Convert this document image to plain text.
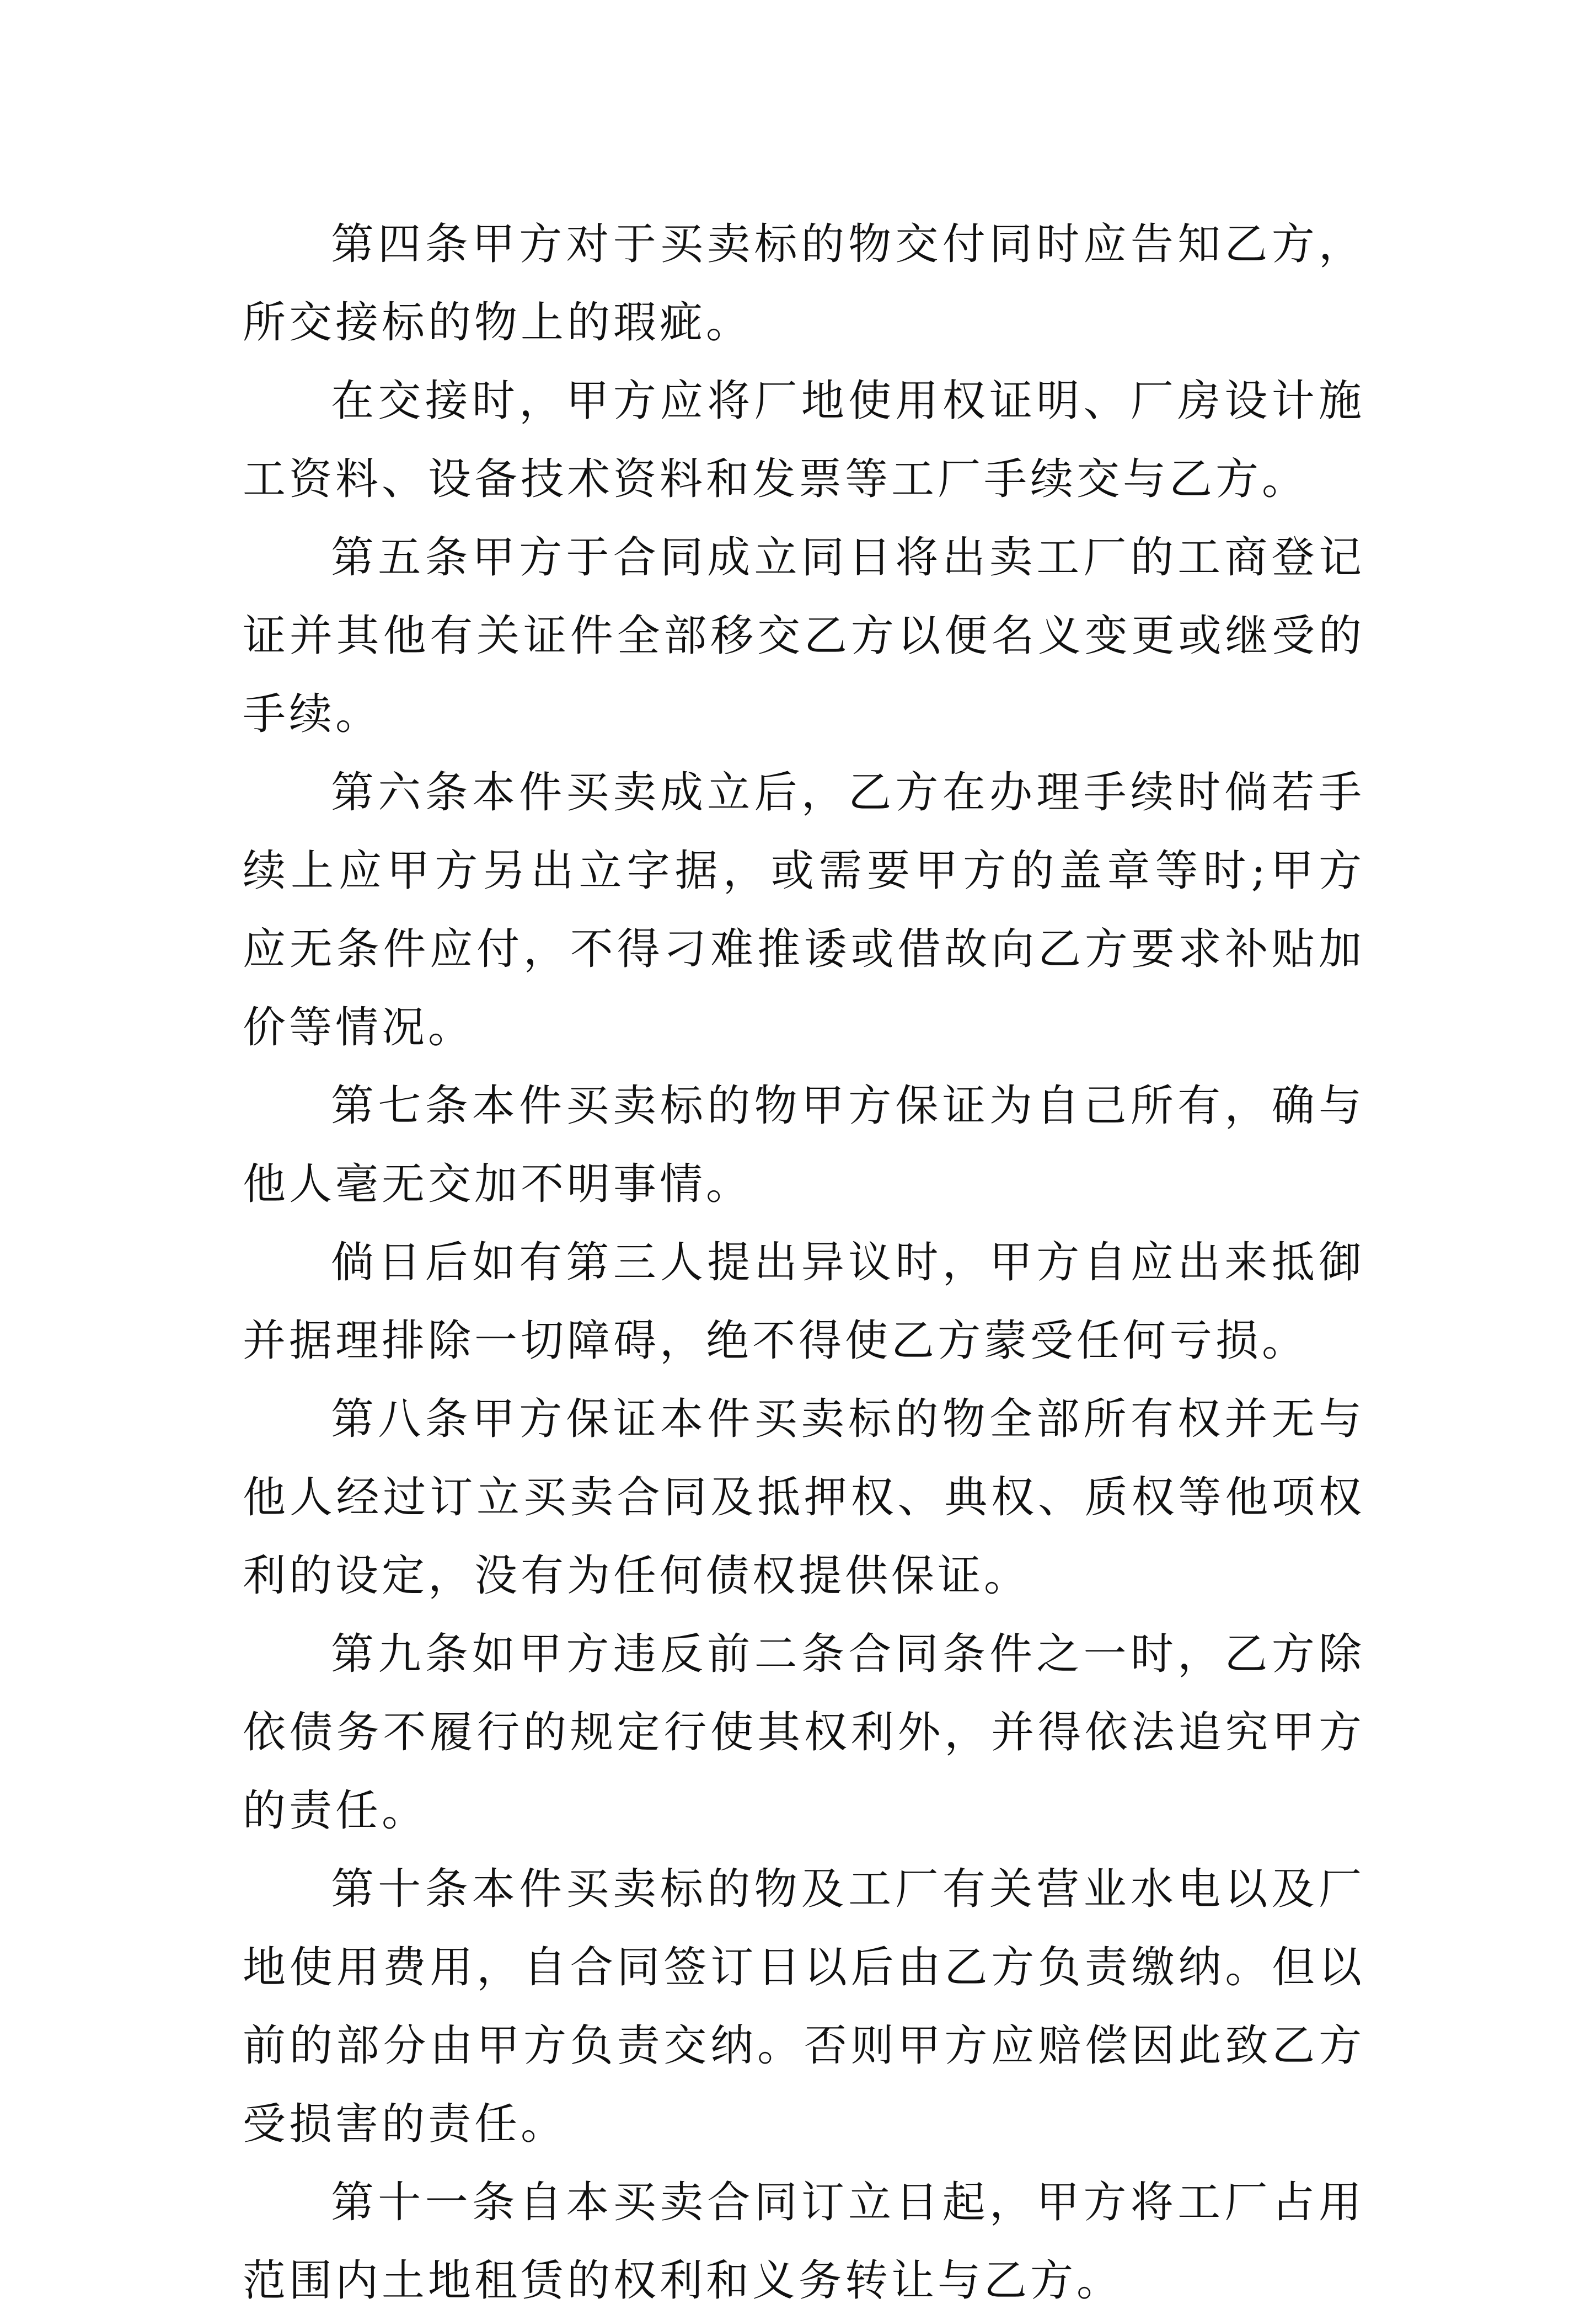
第四条甲方对于买卖标的物交付同时应告知乙方，所交接标的物上的瑕疵。

在交接时，甲方应将厂地使用权证明、厂房设计施工资料、设备技术资料和发票等工厂手续交与乙方。

第五条甲方于合同成立同日将出卖工厂的工商登记证并其他有关证件全部移交乙方以便名义变更或继受的手续。

第六条本件买卖成立后，乙方在办理手续时倘若手续上应甲方另出立字据，或需要甲方的盖章等时;甲方应无条件应付，不得刁难推诿或借故向乙方要求补贴加价等情况。

第七条本件买卖标的物甲方保证为自己所有，确与他人毫无交加不明事情。

倘日后如有第三人提出异议时，甲方自应出来抵御并据理排除一切障碍，绝不得使乙方蒙受任何亏损。

第八条甲方保证本件买卖标的物全部所有权并无与他人经过订立买卖合同及抵押权、典权、质权等他项权利的设定，没有为任何债权提供保证。

第九条如甲方违反前二条合同条件之一时，乙方除依债务不履行的规定行使其权利外，并得依法追究甲方的责任。

第十条本件买卖标的物及工厂有关营业水电以及厂地使用费用，自合同签订日以后由乙方负责缴纳。但以前的部分由甲方负责交纳。否则甲方应赔偿因此致乙方受损害的责任。

第十一条自本买卖合同订立日起，甲方将工厂占用范围内土地租赁的权利和义务转让与乙方。
